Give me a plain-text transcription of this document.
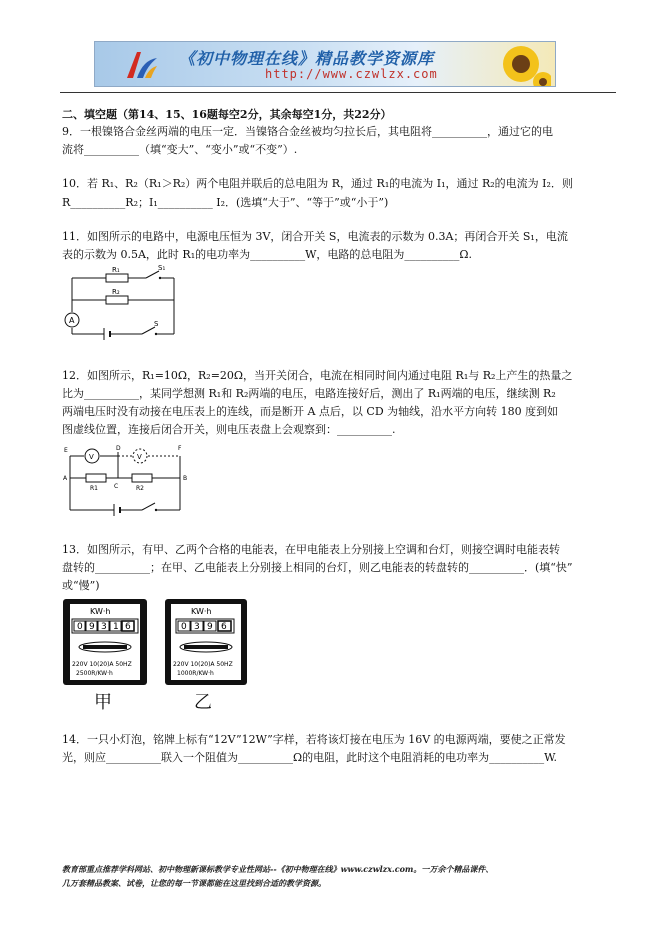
《初中物理在线》精品教学资源库
http://www.czwlzx.com
二、填空题（第14、15、16题每空2分，其余每空1分，共22分）
9．一根镍铬合金丝两端的电压一定．当镍铬合金丝被均匀拉长后，其电阻将__________，通过它的电
流将__________（填“变大”、“变小”或“不变”）.
10．若 R₁、R₂（R₁＞R₂）两个电阻并联后的总电阻为 R，通过 R₁的电流为 I₁，通过 R₂的电流为 I₂．则
R__________R₂；I₁__________ I₂．(选填“大于”、“等于”或“小于”)
11．如图所示的电路中，电源电压恒为 3V，闭合开关 S，电流表的示数为 0.3A；再闭合开关 S₁，电流
表的示数为 0.5A，此时 R₁的电功率为__________W，电路的总电阻为__________Ω.
A
R₁
R₂
S₁
S
12．如图所示，R₁=10Ω，R₂=20Ω，当开关闭合，电流在相同时间内通过电阻 R₁与 R₂上产生的热量之
比为__________，某同学想测 R₁和 R₂两端的电压，电路连接好后，测出了 R₁两端的电压，继续测 R₂
两端电压时没有动接在电压表上的连线，而是断开 A 点后，以 CD 为轴线，沿水平方向转 180 度到如
图虚线位置，连接后闭合开关，则电压表盘上会观察到：__________.
V	V
E	D	F
A	B
C
R1	R2
13．如图所示，有甲、乙两个合格的电能表，在甲电能表上分别接上空调和台灯，则接空调时电能表转
盘转的__________；在甲、乙电能表上分别接上相同的台灯，则乙电能表的转盘转的__________．(填“快”
或“慢”)
KW·h
0 9 3 1 6
220V 10(20)A 50HZ
2500R/KW·h
甲
KW·h
0 3 9 6
220V 10(20)A 50HZ
1000R/KW·h
乙
14．一只小灯泡，铭牌上标有“12V”12W”字样，若将该灯接在电压为 16V 的电源两端，要使之正常发
光，则应__________联入一个阻值为__________Ω的电阻，此时这个电阻消耗的电功率为__________W.
教育部重点推荐学科网站、初中物理新课标教学专业性网站--《初中物理在线》www.czwlzx.com。一万余个精品课件、
几万套精品教案、试卷，让您的每一节课都能在这里找到合适的教学资源。
